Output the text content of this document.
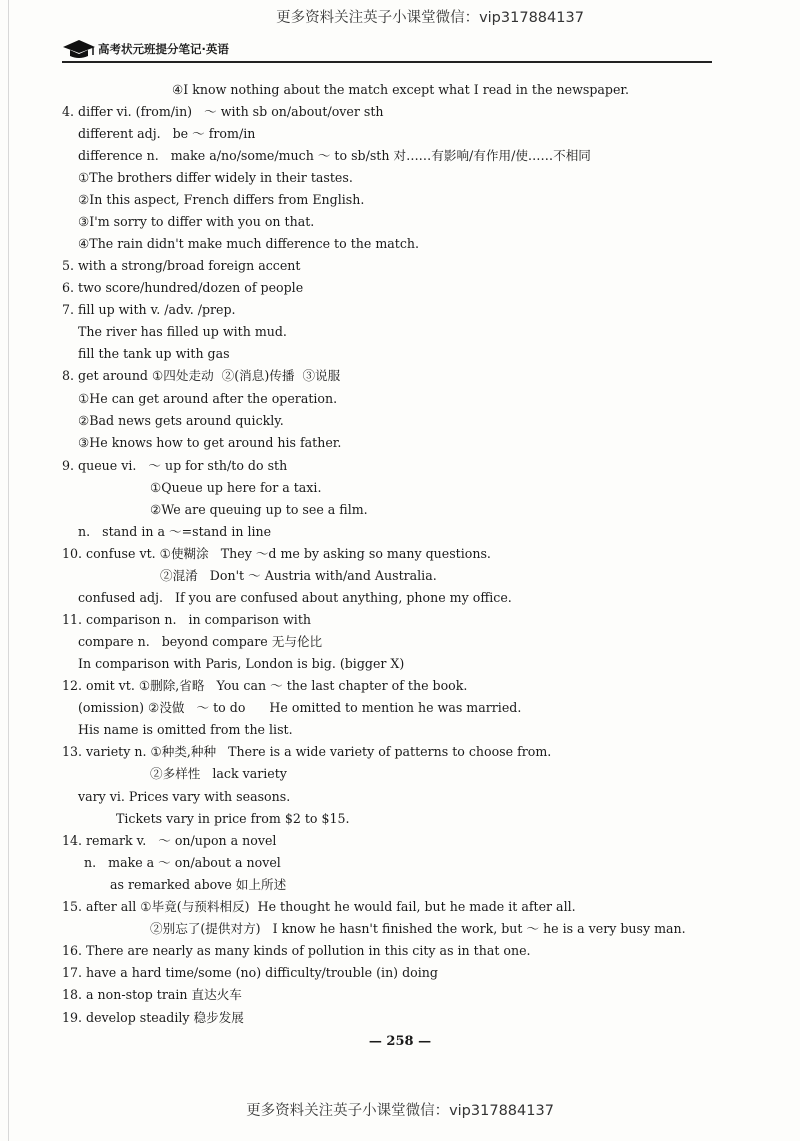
更多资料关注英子小课堂微信：vip317884137
高考状元班提分笔记·英语
④I know nothing about the match except what I read in the newspaper.
4. differ vi. (from/in)   ～ with sb on/about/over sth
different adj.   be ～ from/in
difference n.   make a/no/some/much ～ to sb/sth 对……有影响/有作用/使……不相同
①The brothers differ widely in their tastes.
②In this aspect, French differs from English.
③I'm sorry to differ with you on that.
④The rain didn't make much difference to the match.
5. with a strong/broad foreign accent
6. two score/hundred/dozen of people
7. fill up with v. /adv. /prep.
The river has filled up with mud.
fill the tank up with gas
8. get around ①四处走动  ②(消息)传播  ③说服
①He can get around after the operation.
②Bad news gets around quickly.
③He knows how to get around his father.
9. queue vi.   ～ up for sth/to do sth
①Queue up here for a taxi.
②We are queuing up to see a film.
n.   stand in a ～=stand in line
10. confuse vt. ①使糊涂   They ～d me by asking so many questions.
②混淆   Don't ～ Austria with/and Australia.
confused adj.   If you are confused about anything, phone my office.
11. comparison n.   in comparison with
compare n.   beyond compare 无与伦比
In comparison with Paris, London is big. (bigger X)
12. omit vt. ①删除,省略   You can ～ the last chapter of the book.
(omission) ②没做   ～ to do      He omitted to mention he was married.
His name is omitted from the list.
13. variety n. ①种类,种种   There is a wide variety of patterns to choose from.
②多样性   lack variety
vary vi. Prices vary with seasons.
Tickets vary in price from $2 to $15.
14. remark v.   ～ on/upon a novel
n.   make a ～ on/about a novel
as remarked above 如上所述
15. after all ①毕竟(与预料相反)  He thought he would fail, but he made it after all.
②别忘了(提供对方)   I know he hasn't finished the work, but ～ he is a very busy man.
16. There are nearly as many kinds of pollution in this city as in that one.
17. have a hard time/some (no) difficulty/trouble (in) doing
18. a non-stop train 直达火车
19. develop steadily 稳步发展
— 258 —
更多资料关注英子小课堂微信：vip317884137
